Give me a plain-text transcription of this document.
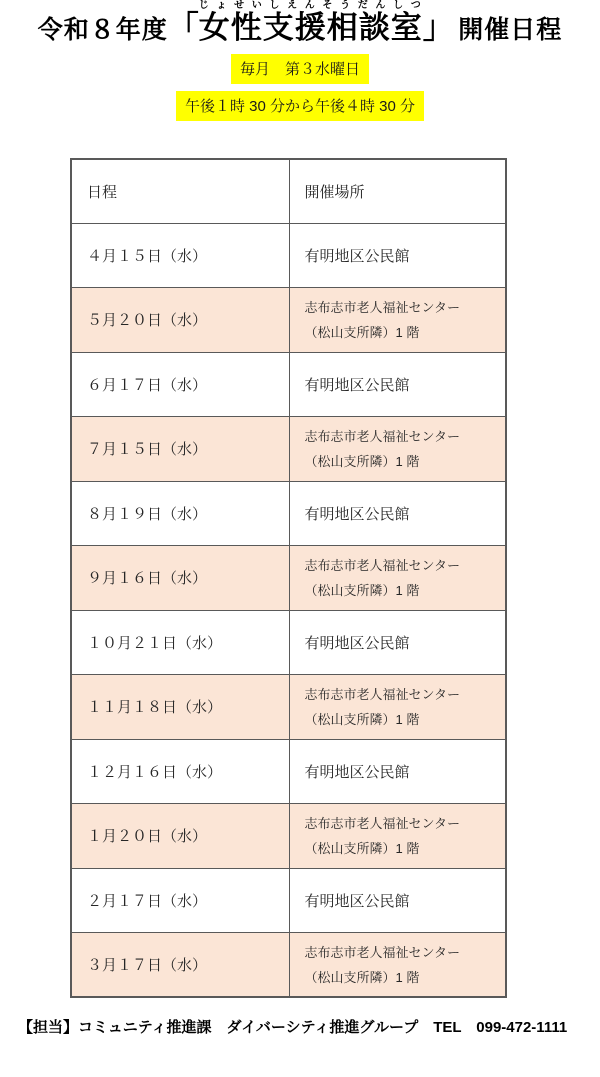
令和８年度「女性支援相談室じょせいしえんそうだんしつ」 開催日程
毎月　第３水曜日
午後１時 30 分から午後４時 30 分
日程	開催場所
４月１５日（水）	有明地区公民館
５月２０日（水）	志布志市老人福祉センター
（松山支所隣）1 階

６月１７日（水）	有明地区公民館
７月１５日（水）	志布志市老人福祉センター
（松山支所隣）1 階

８月１９日（水）	有明地区公民館
９月１６日（水）	志布志市老人福祉センター
（松山支所隣）1 階

１０月２１日（水）	有明地区公民館
１１月１８日（水）	志布志市老人福祉センター
（松山支所隣）1 階

１２月１６日（水）	有明地区公民館
１月２０日（水）	志布志市老人福祉センター
（松山支所隣）1 階

２月１７日（水）	有明地区公民館
３月１７日（水）	志布志市老人福祉センター
（松山支所隣）1 階
【担当】コミュニティ推進課　ダイバーシティ推進グループ　TEL　099-472-1111
